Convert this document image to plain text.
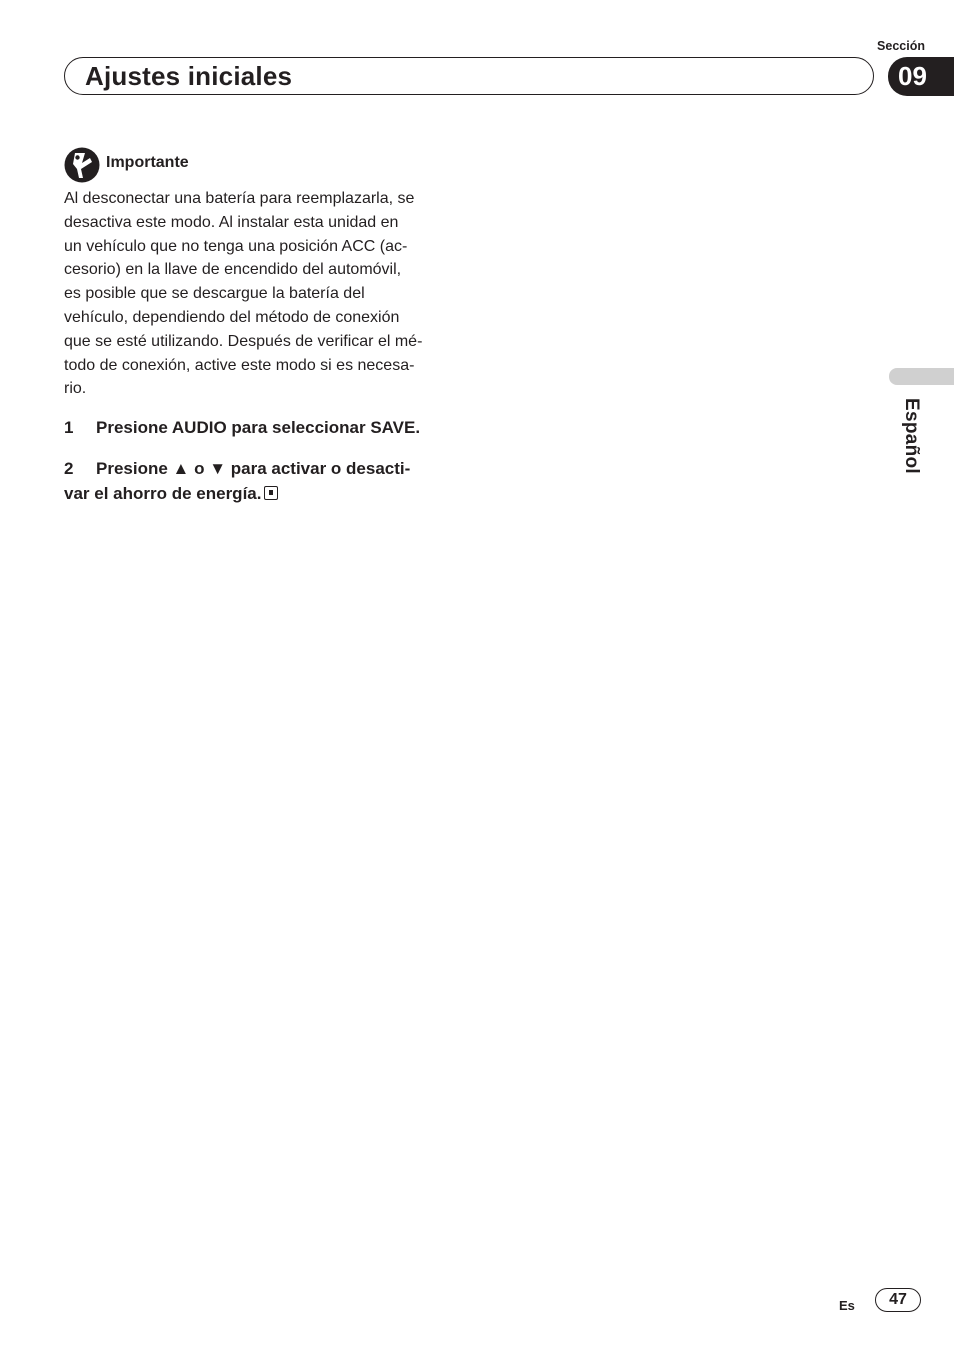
Sección
Ajustes iniciales	09
Español
Importante

Al desconectar una batería para reemplazarla, se
desactiva este modo. Al instalar esta unidad en
un vehículo que no tenga una posición ACC (ac-
cesorio) en la llave de encendido del automóvil,
es posible que se descargue la batería del
vehículo, dependiendo del método de conexión
que se esté utilizando. Después de verificar el mé-
todo de conexión, active este modo si es necesa-
rio.

1 Presione AUDIO para seleccionar SAVE.
2 Presione ▲ o ▼ para activar o desacti-
var el ahorro de energía.
Es	47
